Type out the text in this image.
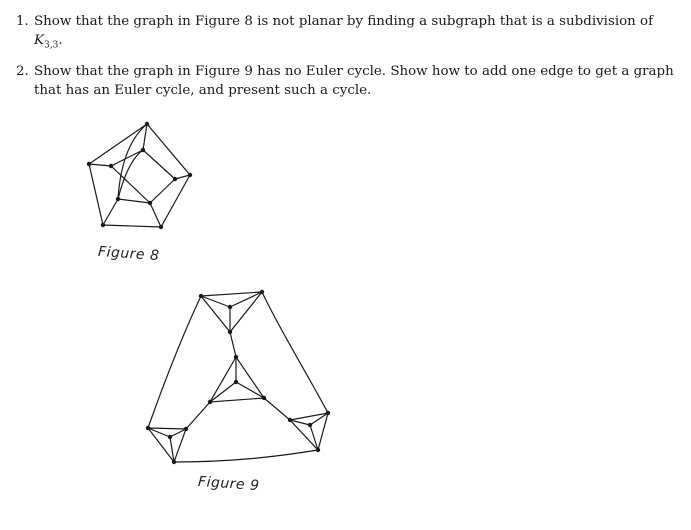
1. Show that the graph in Figure 8 is not planar by finding a subgraph that is a subdivision of $K_{3,3}$.
2. Show that the graph in Figure 9 has no Euler cycle. Show how to add one edge to get a graph that has an Euler cycle, and present such a cycle.
Figure 8
Figure 9
